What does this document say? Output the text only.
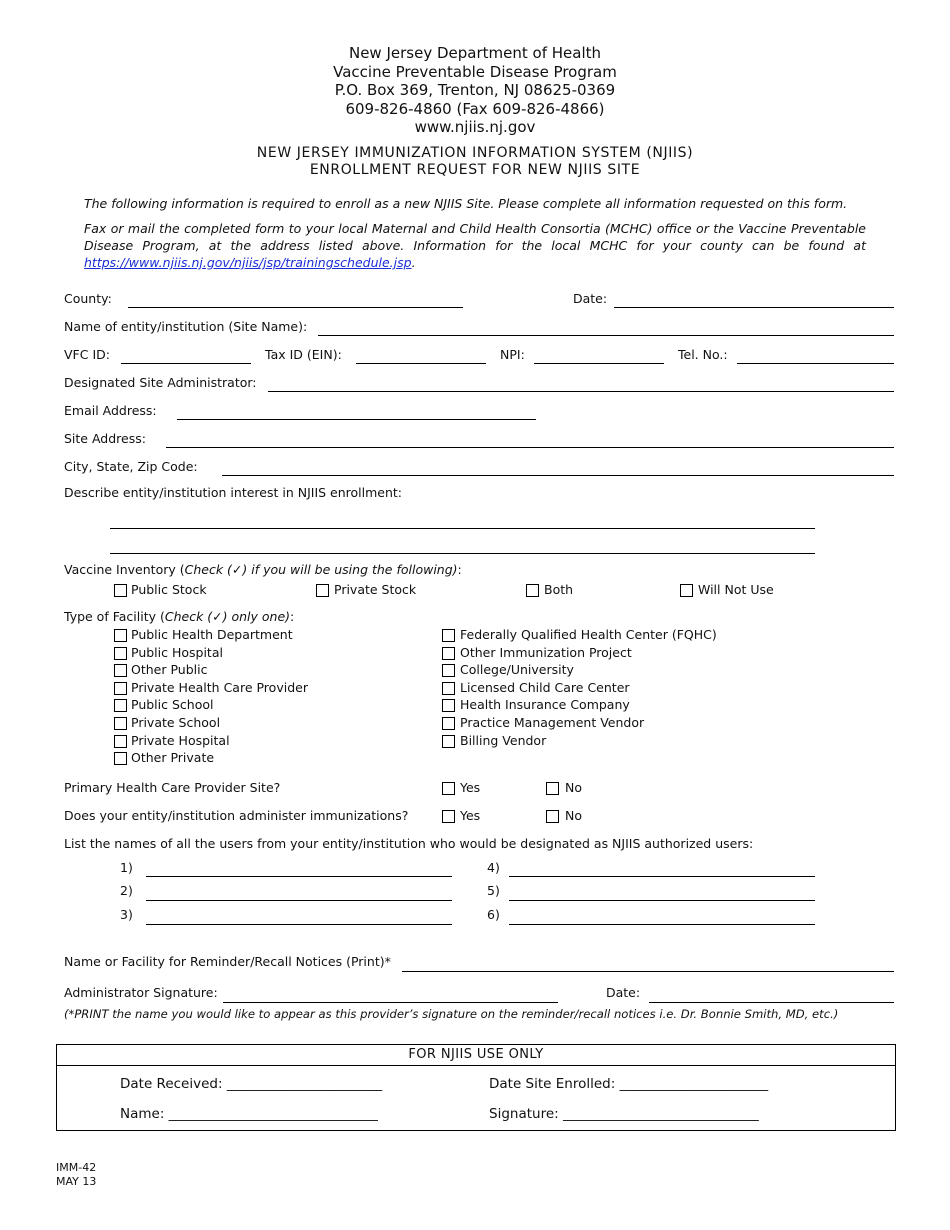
New Jersey Department of Health
Vaccine Preventable Disease Program
P.O. Box 369, Trenton, NJ 08625-0369
609-826-4860 (Fax 609-826-4866)
www.njiis.nj.gov
NEW JERSEY IMMUNIZATION INFORMATION SYSTEM (NJIIS)
ENROLLMENT REQUEST FOR NEW NJIIS SITE
The following information is required to enroll as a new NJIIS Site. Please complete all information requested on this form.
Fax or mail the completed form to your local Maternal and Child Health Consortia (MCHC) office or the Vaccine Preventable Disease Program, at the address listed above. Information for the local MCHC for your county can be found at https://www.njiis.nj.gov/njiis/jsp/trainingschedule.jsp.
County:	Date:
Name of entity/institution (Site Name):
VFC ID:	Tax ID (EIN):	NPI:	Tel. No.:
Designated Site Administrator:
Email Address:
Site Address:
City, State, Zip Code:
Describe entity/institution interest in NJIIS enrollment:
Vaccine Inventory (Check (✓) if you will be using the following):
Public Stock	Private Stock	Both	Will Not Use
Type of Facility (Check (✓) only one):
Public Health Department
Public Hospital
Other Public
Private Health Care Provider
Public School
Private School
Private Hospital
Other Private
Federally Qualified Health Center (FQHC)
Other Immunization Project
College/University
Licensed Child Care Center
Health Insurance Company
Practice Management Vendor
Billing Vendor
Primary Health Care Provider Site?	Yes	No
Does your entity/institution administer immunizations?	Yes	No
List the names of all the users from your entity/institution who would be designated as NJIIS authorized users:
1)
2)
3)
4)
5)
6)
Name or Facility for Reminder/Recall Notices (Print)*
Administrator Signature:	Date:
(*PRINT the name you would like to appear as this provider’s signature on the reminder/recall notices i.e. Dr. Bonnie Smith, MD, etc.)
FOR NJIIS USE ONLY
Date Received: _______________________	Date Site Enrolled: ______________________
Name: _______________________________	Signature: _____________________________
IMM-42
MAY 13
